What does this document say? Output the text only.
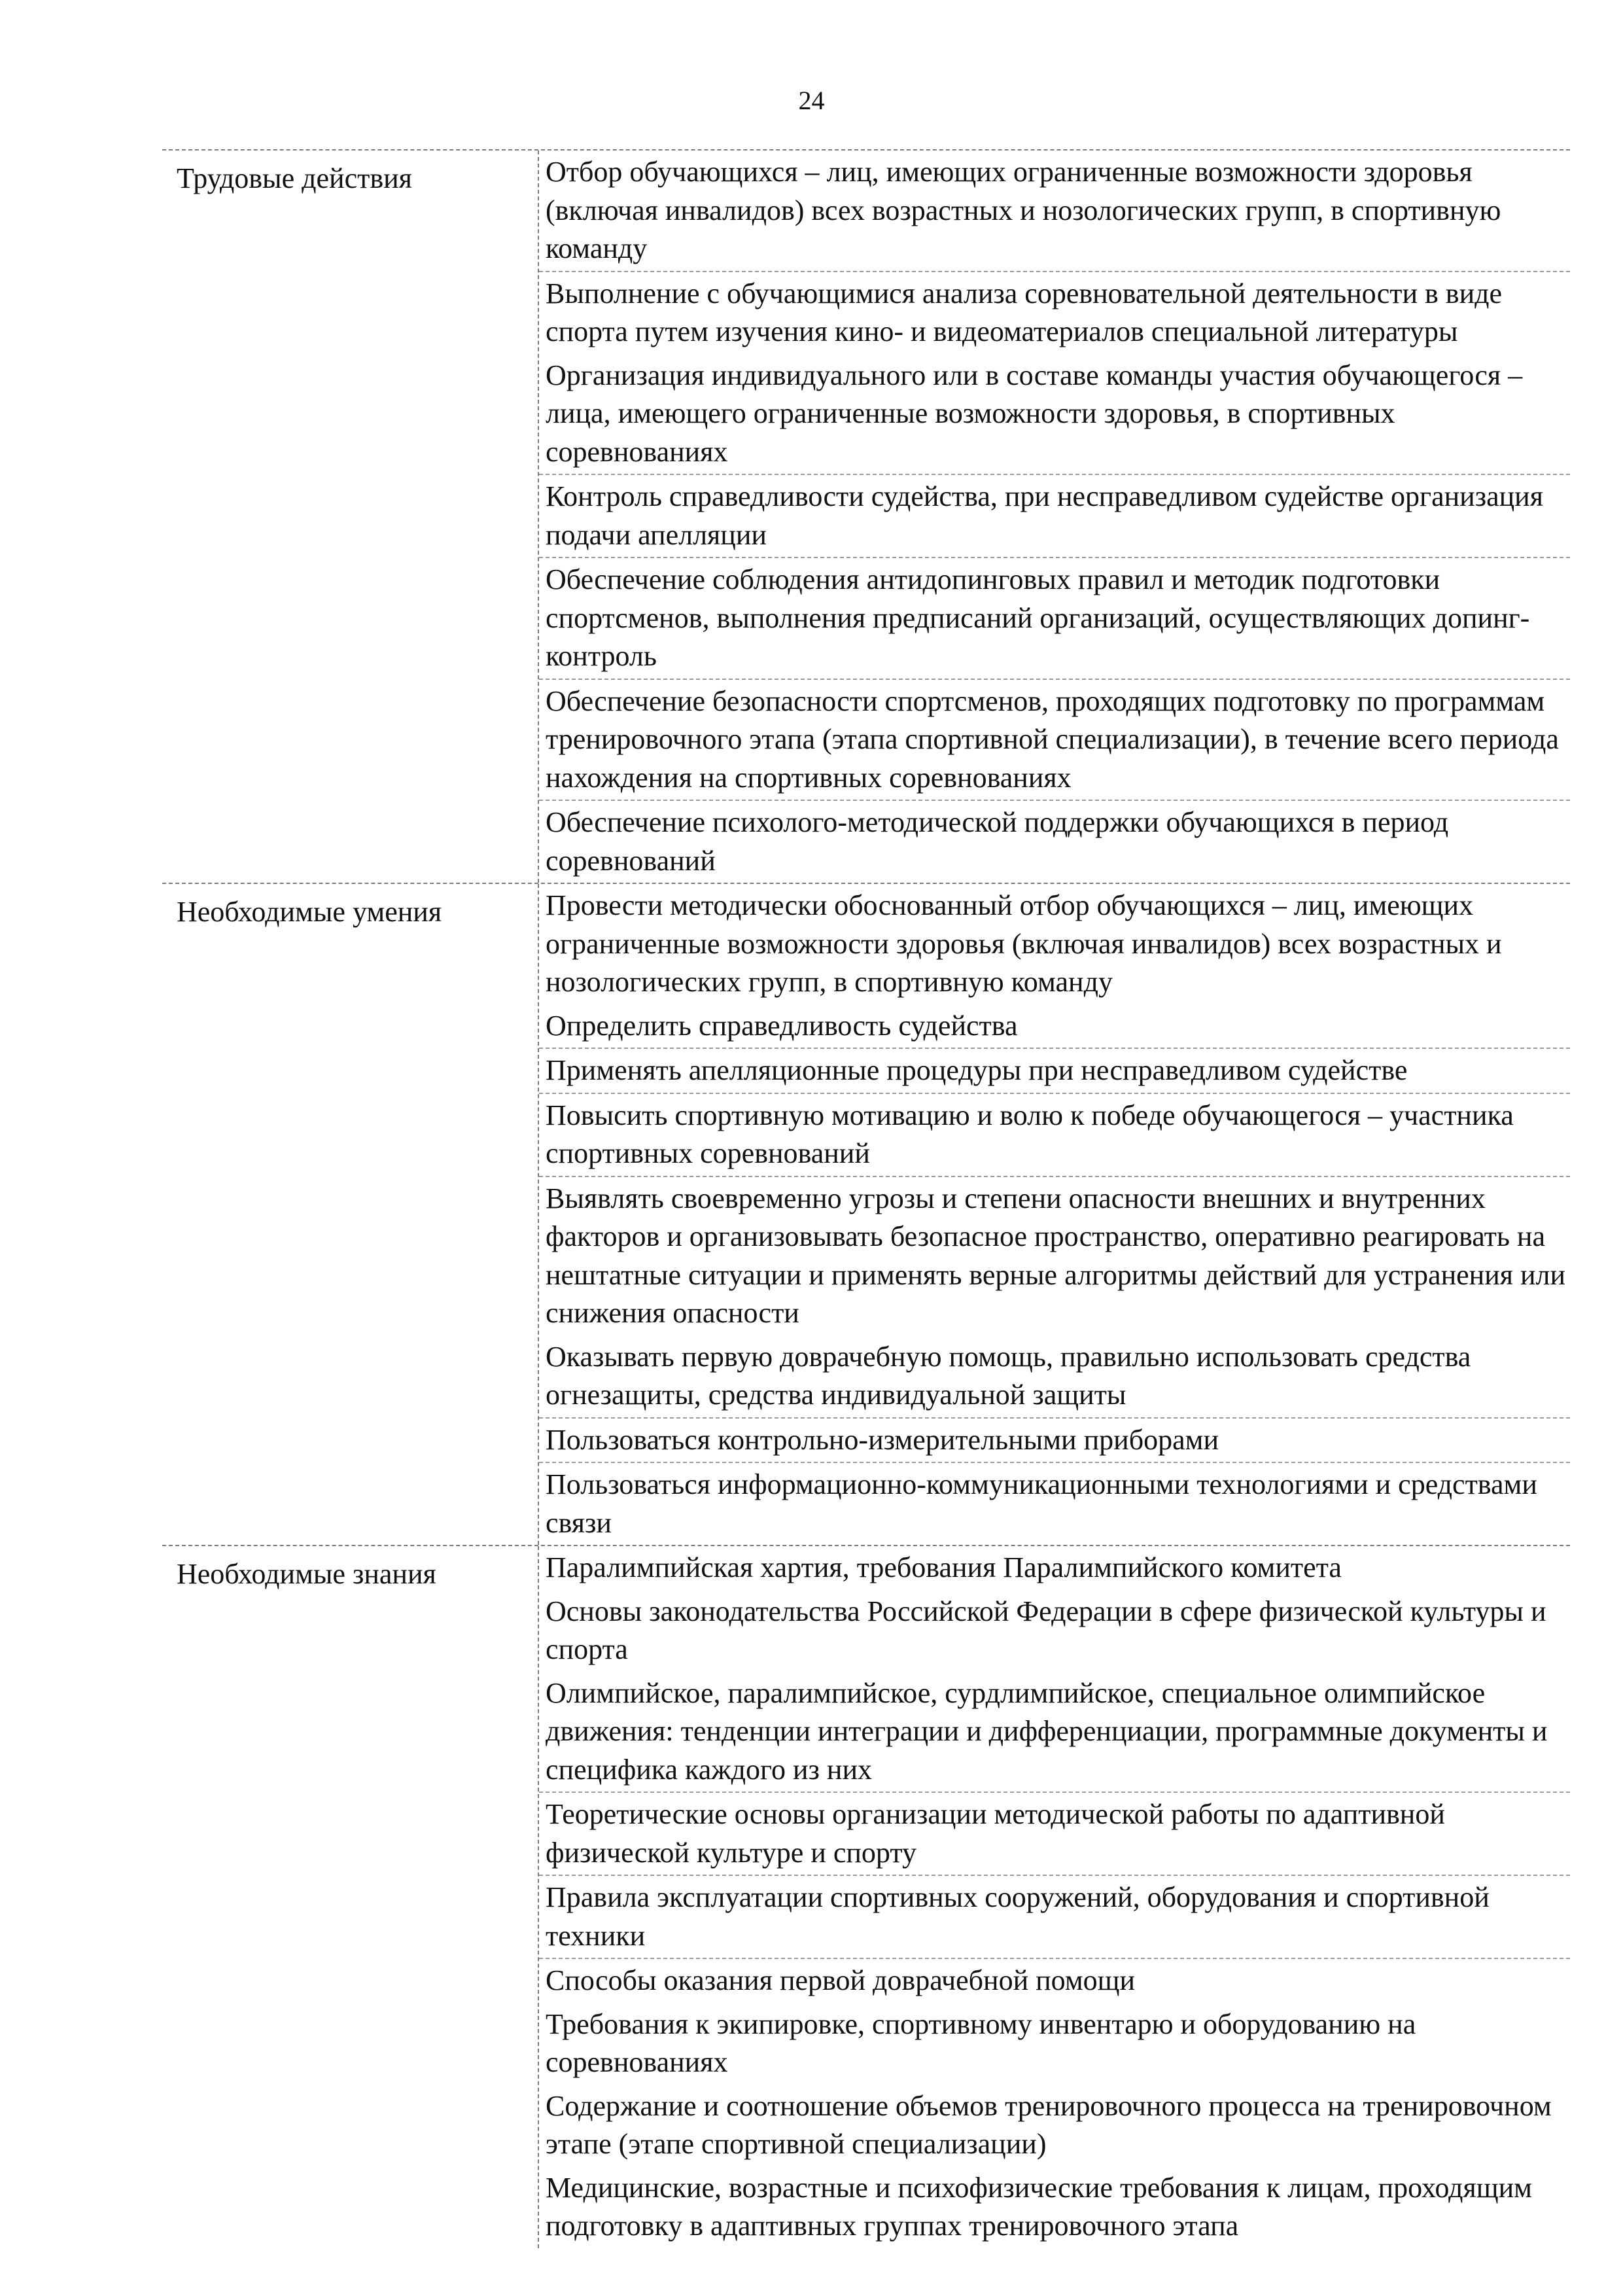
24
Трудовые действия	Отбор обучающихся – лиц, имеющих ограниченные возможности здоровья (включая инвалидов) всех возрастных и нозологических групп, в спортивную команду
Выполнение с обучающимися анализа соревновательной деятельности в виде спорта путем изучения кино- и видеоматериалов специальной литературы
Организация индивидуального или в составе команды участия обучающегося – лица, имеющего ограниченные возможности здоровья, в спортивных соревнованиях
Контроль справедливости судейства, при несправедливом судействе организация подачи апелляции
Обеспечение соблюдения антидопинговых правил и методик подготовки спортсменов, выполнения предписаний организаций, осуществляющих допинг-контроль
Обеспечение безопасности спортсменов, проходящих подготовку по программам тренировочного этапа (этапа спортивной специализации), в течение всего периода нахождения на спортивных соревнованиях
Обеспечение психолого-методической поддержки обучающихся в период соревнований
Необходимые умения	Провести методически обоснованный отбор обучающихся – лиц, имеющих ограниченные возможности здоровья (включая инвалидов) всех возрастных и нозологических групп, в спортивную команду
Определить справедливость судейства
Применять апелляционные процедуры при несправедливом судействе
Повысить спортивную мотивацию и волю к победе обучающегося – участника спортивных соревнований
Выявлять своевременно угрозы и степени опасности внешних и внутренних факторов и организовывать безопасное пространство, оперативно реагировать на нештатные ситуации и применять верные алгоритмы действий для устранения или снижения опасности
Оказывать первую доврачебную помощь, правильно использовать средства огнезащиты, средства индивидуальной защиты
Пользоваться контрольно-измерительными приборами
Пользоваться информационно-коммуникационными технологиями и средствами связи
Необходимые знания	Паралимпийская хартия, требования Паралимпийского комитета
Основы законодательства Российской Федерации в сфере физической культуры и спорта
Олимпийское, паралимпийское, сурдлимпийское, специальное олимпийское движения: тенденции интеграции и дифференциации, программные документы и специфика каждого из них
Теоретические основы организации методической работы по адаптивной физической культуре и спорту
Правила эксплуатации спортивных сооружений, оборудования и спортивной техники
Способы оказания первой доврачебной помощи
Требования к экипировке, спортивному инвентарю и оборудованию на соревнованиях
Содержание и соотношение объемов тренировочного процесса на тренировочном этапе (этапе спортивной специализации)
Медицинские, возрастные и психофизические требования к лицам, проходящим подготовку в адаптивных группах тренировочного этапа
